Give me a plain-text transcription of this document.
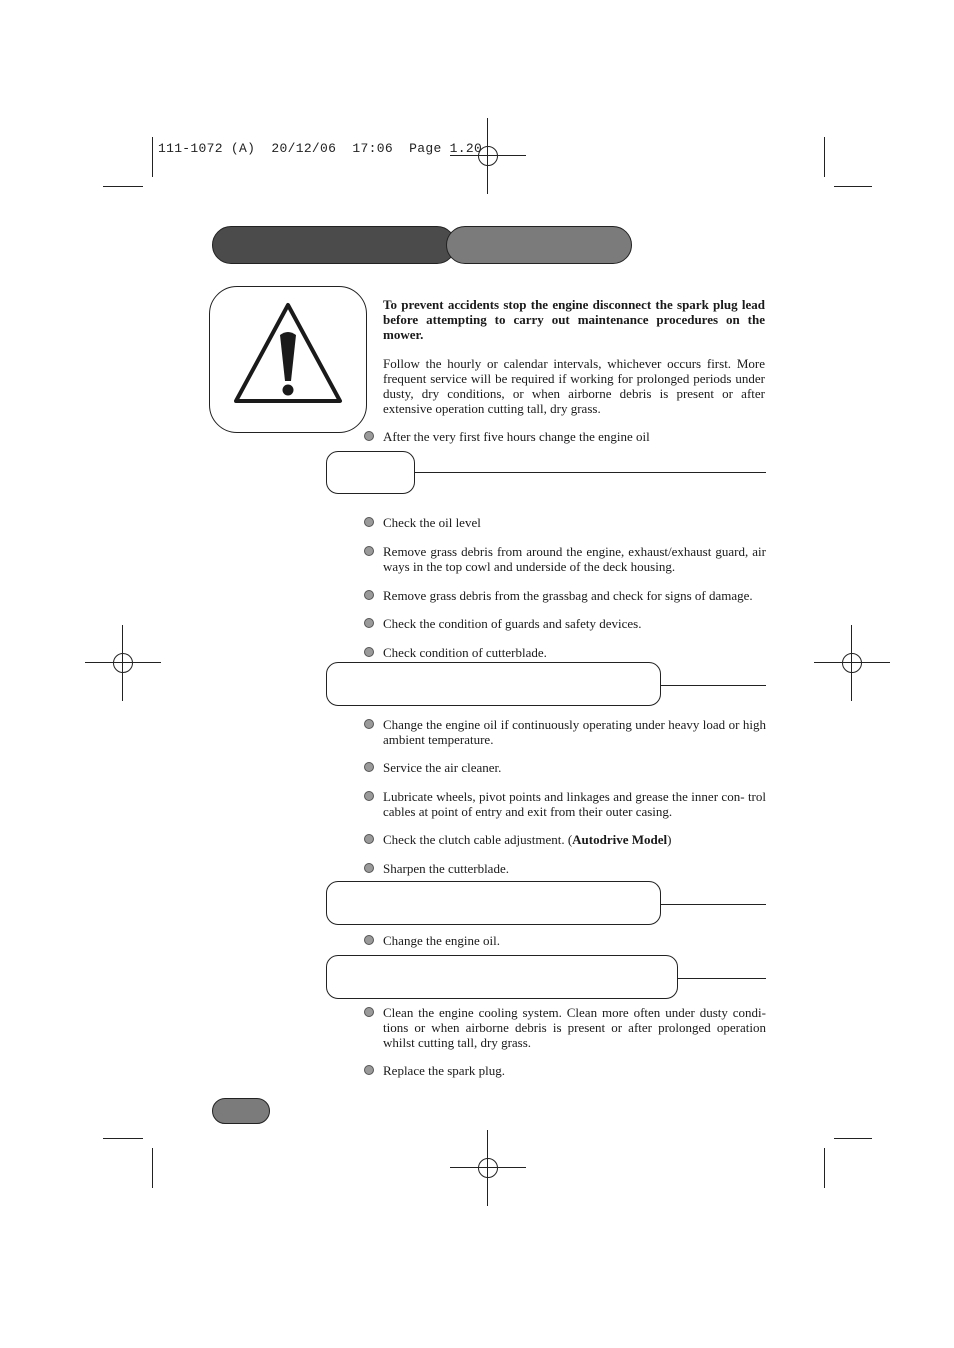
111-1072 (A)  20/12/06  17:06  Page 1.20

To prevent accidents stop the engine disconnect the spark plug lead before attempting to carry out maintenance procedures on the mower.

Follow the hourly or calendar intervals, whichever occurs first. More frequent service will be required if working for prolonged periods under dusty, dry conditions, or when airborne debris is present or after extensive operation cutting tall, dry grass.

After the very first five hours change the engine oil
Check the oil level
Remove grass debris from around the engine, exhaust/exhaust guard, air ways in the top cowl and underside of the deck housing.
Remove grass debris from the grassbag and check for signs of damage.
Check the condition of guards and safety devices.
Check condition of cutterblade.
Change the engine oil if continuously operating under heavy load or high ambient temperature.
Service the air cleaner.
Lubricate wheels, pivot points and linkages and grease the inner con- trol cables at point of entry and exit from their outer casing.
Check the clutch cable adjustment. (Autodrive Model)
Sharpen the cutterblade.
Change the engine oil.
Clean the engine cooling system. Clean more often under dusty condi- tions or when airborne debris is present or after prolonged operation whilst cutting tall, dry grass.
Replace the spark plug.
